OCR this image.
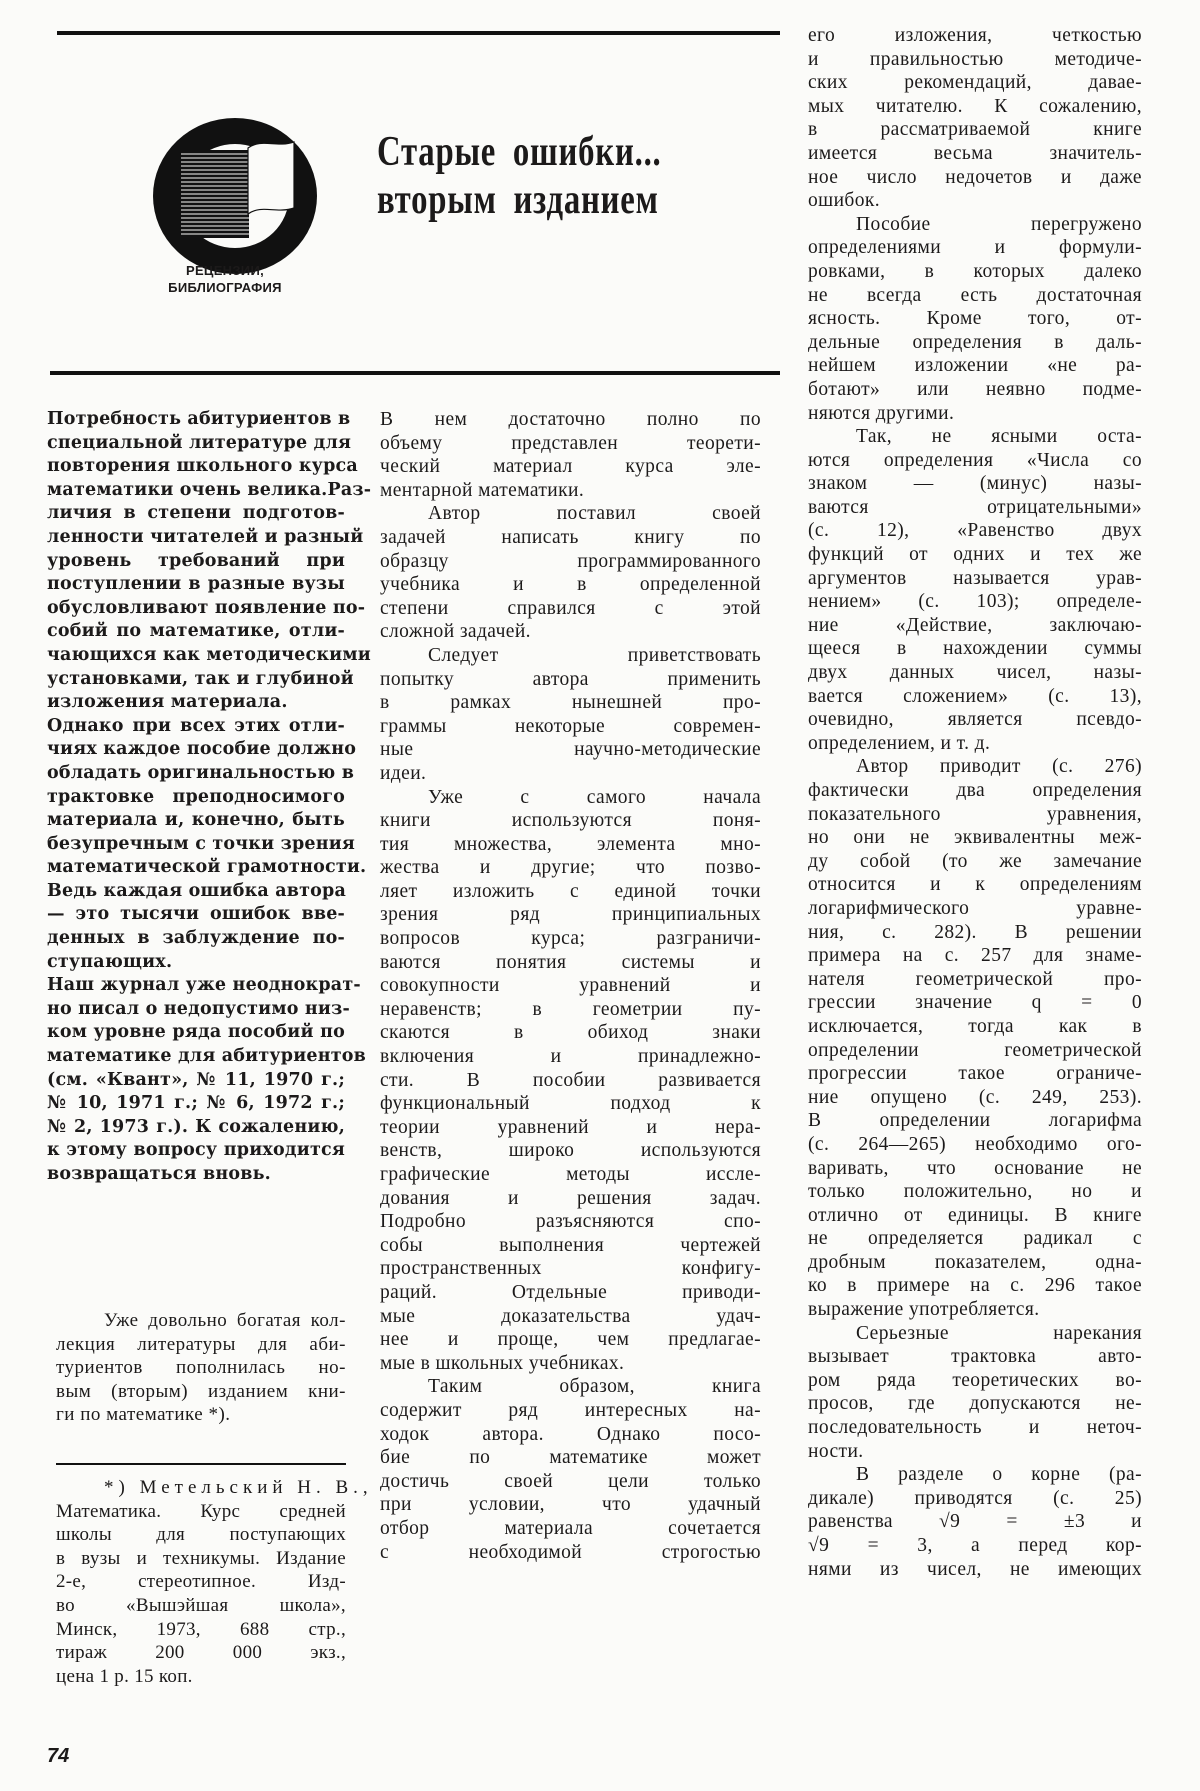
РЕЦЕНЗИИ,
БИБЛИОГРАФИЯ
Старые ошибки...
вторым изданием
Потребность абитуриентов в
специальной литературе для
повторения школьного курса
математики очень велика.Раз-
личия в степени подготов-
ленности читателей и разный
уровень требований при
поступлении в разные вузы
обусловливают появление по-
собий по математике, отли-
чающихся как методическими
установками, так и глубиной
изложения материала.
Однако при всех этих отли-
чиях каждое пособие должно
обладать оригинальностью в
трактовке преподносимого
материала и, конечно, быть
безупречным с точки зрения
математической грамотности.
Ведь каждая ошибка автора
— это тысячи ошибок вве-
денных в заблуждение по-
ступающих.
Наш журнал уже неоднократ-
но писал о недопустимо низ-
ком уровне ряда пособий по
математике для абитуриентов
(см. «Квант», № 11, 1970 г.;
№ 10, 1971 г.; № 6, 1972 г.;
№ 2, 1973 г.). К сожалению,
к этому вопросу приходится
возвращаться вновь.
Уже довольно богатая кол-
лекция литературы для аби-
туриентов пополнилась но-
вым (вторым) изданием кни-
ги по математике *).
*) Метельский Н. В.,
Математика. Курс средней
школы для поступающих
в вузы и техникумы. Издание
2-е, стереотипное. Изд-
во «Вышэйшая школа»,
Минск, 1973, 688 стр.,
тираж 200 000 экз.,
цена 1 р. 15 коп.
В нем достаточно полно по
объему представлен теорети-
ческий материал курса эле-
ментарной математики.
Автор поставил своей
задачей написать книгу по
образцу программированного
учебника и в определенной
степени справился с этой
сложной задачей.
Следует приветствовать
попытку автора применить
в рамках нынешней про-
граммы некоторые современ-
ные научно-методические
идеи.
Уже с самого начала
книги используются поня-
тия множества, элемента мно-
жества и другие; что позво-
ляет изложить с единой точки
зрения ряд принципиальных
вопросов курса; разграничи-
ваются понятия системы и
совокупности уравнений и
неравенств; в геометрии пу-
скаются в обиход знаки
включения и принадлежно-
сти. В пособии развивается
функциональный подход к
теории уравнений и нера-
венств, широко используются
графические методы иссле-
дования и решения задач.
Подробно разъясняются спо-
собы выполнения чертежей
пространственных конфигу-
раций. Отдельные приводи-
мые доказательства удач-
нее и проще, чем предлагае-
мые в школьных учебниках.
Таким образом, книга
содержит ряд интересных на-
ходок автора. Однако посо-
бие по математике может
достичь своей цели только
при условии, что удачный
отбор материала сочетается
с необходимой строгостью
его изложения, четкостью
и правильностью методиче-
ских рекомендаций, давае-
мых читателю. К сожалению,
в рассматриваемой книге
имеется весьма значитель-
ное число недочетов и даже
ошибок.
Пособие перегружено
определениями и формули-
ровками, в которых далеко
не всегда есть достаточная
ясность. Кроме того, от-
дельные определения в даль-
нейшем изложении «не ра-
ботают» или неявно подме-
няются другими.
Так, не ясными оста-
ются определения «Числа со
знаком — (минус) назы-
ваются отрицательными»
(с. 12), «Равенство двух
функций от одних и тех же
аргументов называется урав-
нением» (с. 103); определе-
ние «Действие, заключаю-
щееся в нахождении суммы
двух данных чисел, назы-
вается сложением» (с. 13),
очевидно, является псевдо-
определением, и т. д.
Автор приводит (с. 276)
фактически два определения
показательного уравнения,
но они не эквивалентны меж-
ду собой (то же замечание
относится и к определениям
логарифмического уравне-
ния, с. 282). В решении
примера на с. 257 для знаме-
нателя геометрической про-
грессии значение q = 0
исключается, тогда как в
определении геометрической
прогрессии такое ограниче-
ние опущено (с. 249, 253).
В определении логарифма
(с. 264—265) необходимо ого-
варивать, что основание не
только положительно, но и
отлично от единицы. В книге
не определяется радикал с
дробным показателем, одна-
ко в примере на с. 296 такое
выражение употребляется.
Серьезные нарекания
вызывает трактовка авто-
ром ряда теоретических во-
просов, где допускаются не-
последовательность и неточ-
ности.
В разделе о корне (ра-
дикале) приводятся (с. 25)
равенства √9 = ±3 и
√9 = 3, а перед кор-
нями из чисел, не имеющих
74
